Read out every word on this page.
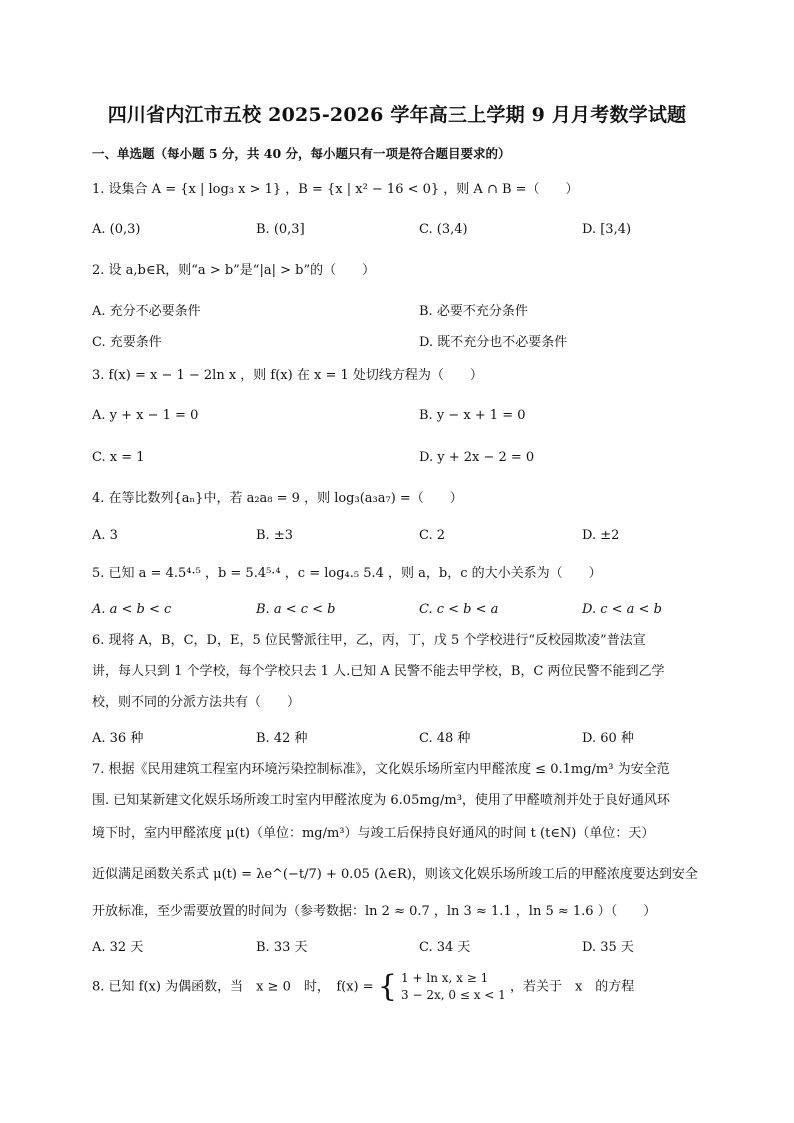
四川省内江市五校 2025-2026 学年高三上学期 9 月月考数学试题
一、单选题（每小题 5 分，共 40 分，每小题只有一项是符合题目要求的）
1. 设集合 A = {x | log₃ x > 1} ，B = {x | x² − 16 < 0} ，则 A ∩ B =（　　）
A. (0,3)	B. (0,3]	C. (3,4)	D. [3,4)
2. 设 a,b∈R，则“a > b”是“|a| > b”的（　　）
A. 充分不必要条件	B. 必要不充分条件
C. 充要条件	D. 既不充分也不必要条件
3. f(x) = x − 1 − 2ln x ，则 f(x) 在 x = 1 处切线方程为（　　）
A. y + x − 1 = 0	B. y − x + 1 = 0
C. x = 1	D. y + 2x − 2 = 0
4. 在等比数列{aₙ}中，若 a₂a₈ = 9 ，则 log₃(a₃a₇) =（　　）
A. 3	B. ±3	C. 2	D. ±2
5. 已知 a = 4.5⁴·⁵ ，b = 5.4⁵·⁴ ，c = log₄.₅ 5.4 ，则 a，b，c 的大小关系为（　　）
A. a < b < c	B. a < c < b	C. c < b < a	D. c < a < b

6. 现将 A，B，C，D，E，5 位民警派往甲，乙，丙，丁，戊 5 个学校进行“反校园欺凌”普法宣

讲，每人只到 1 个学校，每个学校只去 1 人.已知 A 民警不能去甲学校，B，C 两位民警不能到乙学

校，则不同的分派方法共有（　　）

A. 36 种	B. 42 种	C. 48 种	D. 60 种
7. 根据《民用建筑工程室内环境污染控制标准》，文化娱乐场所室内甲醛浓度 ≤ 0.1mg/m³ 为安全范
围. 已知某新建文化娱乐场所竣工时室内甲醛浓度为 6.05mg/m³，使用了甲醛喷剂并处于良好通风环
境下时，室内甲醛浓度 μ(t)（单位：mg/m³）与竣工后保持良好通风的时间 t (t∈N)（单位：天）
近似满足函数关系式 μ(t) = λe^(−t/7) + 0.05 (λ∈R)，则该文化娱乐场所竣工后的甲醛浓度要达到安全
开放标准，至少需要放置的时间为（参考数据：ln 2 ≈ 0.7 ，ln 3 ≈ 1.1 ，ln 5 ≈ 1.6 ）（　　）
A. 32 天	B. 33 天	C. 34 天	D. 35 天
8. 已知 f(x) 为偶函数，当　x ≥ 0　时，　f(x) = { 1 + ln x, x ≥ 1
3 − 2x, 0 ≤ x < 1
，若关于　x　的方程
